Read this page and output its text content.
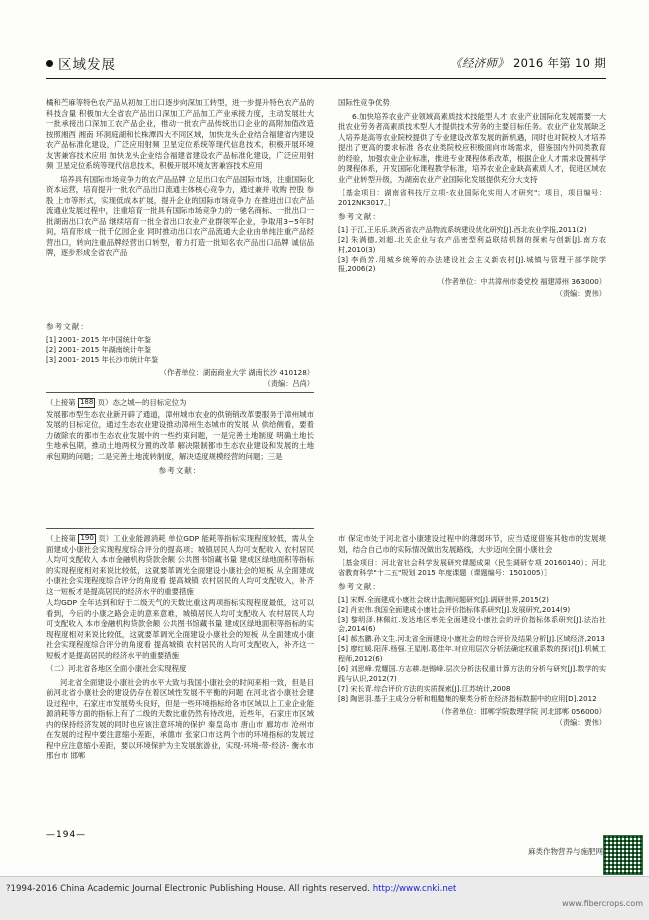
区域发展	《经济师》 2016 年第 10 期

橘和苎麻等特色农产品从初加工出口逐步向深加工转型，进一步提升特色农产品的科技含量 积极加大全省农产品出口深加工产品加工产业承接力度，主动发展壮大一批承接出口深加工农产品企业，推动一批农产品传统出口企业的高附加值改造 按照湘西 湘南 环洞庭湖和长株潭四大不同区域，加快龙头企业结合福建省内建设农产品标准化建设，广泛应用射频 卫星定位系统等现代信息技术，积极开展环境友害兼容技术应用 加快龙头企业结合福建省建设农产品标准化建设，广泛应用射频 卫星定位系统等现代信息技术，积极开展环境友害兼容技术应用

培养具有国际市场竞争力的农产品品牌 立足出口农产品国际市场，注重国际化资本运营，培育提升一批农产品出口流通主体核心竞争力，通过兼并 收购 控股 参股 上市等形式，实现低成本扩展，提升企业的国际市场竞争力 在推进出口农产品流通业发展过程中，注重培育一批具有国际市场竞争力的一驰名商标、一批出口一批湖南出口农产品 继续培育一批全省出口农业产业群领军企业，争取用3~5年时间，培育形成一批千亿园企业 同时推动出口农产品流通大企业由单纯注重产品经营出口，转向注重品牌经营出口转型，着力打造一批知名农产品出口品牌 诚信品牌，逐步形成全省农产品

参考文献：
[1] 2001- 2015 年中国统计年鉴
[2] 2001- 2015 年湖南统计年鉴
[3] 2001- 2015 年长沙市统计年鉴
（作者单位：湖南商业大学 湖南长沙 410128）
（责编：吕尚）
（上接第 188 页）态之城—的目标定位为

发展都市型生态农业新开辟了通道，漳州城市农业的供销销改革要服务于漳州城市发展的目标定位，通过生态农业建设推动漳州生态城市的发展 从 供给侧看，要着力破除农的都市生态农业发展中的一些约束问题，一是完善土地制度 明确土地长生地承包期，推动土地两权分置的改革 解决限制都市生态农业建设和发展的土地承包期的问题；二是完善土地流转制度，解决适度规模经营的问题；三是

参考文献：
（上接第 190 页）工业业能源消耗 单位GDP 能耗等指标实现程度较低，需从全面建成小康社会实现程度综合评分的提高项；城镇居民人均可支配收入 农村居民人均可支配收入 本市金融机构贷款余额 公共图书馆藏书量 建成区绿地面积等指标的实现程度相对来说比较低，这就要革调光全面建设小康社会的短板 从全面建成小康社会实现程度综合评分的角度看 提高城镇 农村居民的人均可支配收入，补齐这一短板才是提高居民的经济水平的重要措施

人均GDP 全年达到和好于二级天气的天数比重这两项指标实现程度最低，这可以看到，今后的小康之路会走的意来意难，城镇居民人均可支配收入 农村居民人均可支配收入 本市金融机构贷款余额 公共图书馆藏书量 建成区绿地面积等指标的实现程度相对来说比较低，这就要革调光全面建设小康社会的短板 从全面建成小康社会实现程度综合评分的角度看 提高城镇 农村居民的人均可支配收入，补齐这一短板才是提高居民的经济水平的重要措施

（二）河北省各地区全面小康社会实现程度

河北省全面建设小康社会的水平大致与我国小康社会的时间来相一致，但是目前河北省小康社会的建设仍存在着区域性发展不平衡的问题 在河北省小康社会建设过程中，石家庄市发展势头良好，但是一些环境指标给各市区域以上工业企业能源消耗等方面的指标上有了二级的天数比重仍然有待改进，近些年，石家庄市区域内的保持经济发展的同时也应该注意环境的保护 秦皇岛市 唐山市 廊坊市 沧州市在发展的过程中要注意缩小差距，承德市 张家口市这两个市的环境指标的发展过程中应注意缩小差距，要以环境保护为主发展旅游业，实现-环境-带-经济- 衡水市 邢台市 邯郸

国际性竞争优势

6.加快培养农业产业领域高素质技术技能型人才 农业产业国际化发展需要一大批农业劳务者高素质技术型人才提供技术劳务的主要目标任务。农业产业发展缺乏人培养是高等农业院校提供了专业建设改革发展的新机遇，同时也对院校人才培养提出了更高的要求标准 各农业类院校应积极面向市场需求，借鉴国内外同类教育的经验，加强农业企业标准，推进专业课程体系改革，根据企业人才需求设置科学的课程体系，开发国际化课程教学标准，培养农业企业缺高素质人才，促进区域农业产业转型升级，为湖南农业产业国际化发展提供充分大支持

［基金项目：湖南省科技厅立项-农业国际化实用人才研究"；项目，项目编号：2012NK3017。］
参考文献：
[1] 于江,王乐乐.陕西省农产品物流系统建设优化研究[J].西北农业学报,2011(2)
[2] 朱满德,刘超.北关企业与农产品密型利益联结机制的探索与创新[J].南方农村,2010(3)
[3] 李尚芳.用城乡统筹的办法建设社会主义新农村[J].城镇与管理干部学院学报,2006(2)
（作者单位：中共漳州市委党校 福建漳州 363000）
（责编：贾伟）

市 保定市处于河北省小康建设过程中的薄弱环节，应当适度借鉴其他市的发展规划，结合自己市的实际情况做出发展路线，大步迈向全面小康社会

［基金项目：河北省社会科学发展研究课题成果（民生调研专项 20160140）；河北省教育科学"十二五"规划 2015 年度课题（课题编号：1501005）］
参考文献：
[1] 宋辉.全面建成小康社会统计监测问题研究[J].调研世界,2015(2)
[2] 肖宏伟.我国全面建成小康社会评价指标体系研究[J].发展研究,2014(9)
[3] 黎明泽.林佩红.发达地区率先全面建设小康社会的评价指标体系研究[J].法治社会,2014(6)
[4] 郝杰鹏.孙文生.河北省全面建设小康社会的综合评价及结果分析[J].区域经济,2013
[5] 廖红媛.阳萍.杨强.王星刚.葛佳年.对应用层次分析法确定权重系数的探讨[J].机械工程师,2012(6)
[6] 刘思峰.党耀国.方志耕.赵锡峰.层次分析法权重计算方法的分析与研究[J].数学的实践与认识,2012(7)
[7] 宋长青.综合评价方法的实质探索[J].江苏统计,2008
[8] 陶思羽.基于主成分分析和粗糙集的聚类分析在经济指标数据中的应用[D].2012
（作者单位：邯郸学院数理学院 河北邯郸 056000）
（责编：贾伟）
—194—
麻类作物营养与施肥网
?1994-2016 China Academic Journal Electronic Publishing House. All rights reserved. http://www.cnki.net
www.fibercrops.com
